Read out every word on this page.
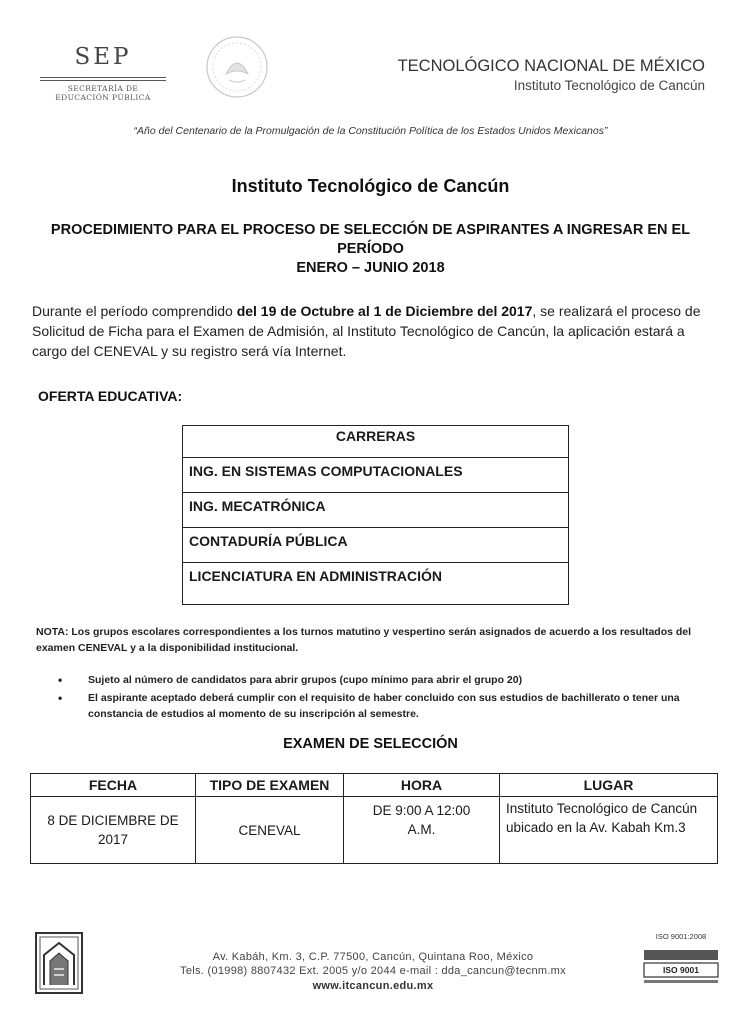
SEP
SECRETARÍA DE
EDUCACIÓN PÚBLICA
TECNOLÓGICO NACIONAL DE MÉXICO
Instituto Tecnológico de Cancún
“Año del Centenario de la Promulgación de la Constitución Política de los Estados Unidos Mexicanos”
Instituto Tecnológico de Cancún
PROCEDIMIENTO PARA EL PROCESO DE SELECCIÓN DE ASPIRANTES A INGRESAR EN EL
PERÍODO
ENERO – JUNIO 2018
Durante el período comprendido del 19 de Octubre al 1 de Diciembre del 2017, se realizará el proceso de Solicitud de Ficha para el Examen de Admisión, al Instituto Tecnológico de Cancún, la aplicación estará a cargo del CENEVAL y su registro será vía Internet.
OFERTA EDUCATIVA:
CARRERAS
ING. EN SISTEMAS COMPUTACIONALES
ING. MECATRÓNICA
CONTADURÍA PÚBLICA
LICENCIATURA EN ADMINISTRACIÓN
NOTA: Los grupos escolares correspondientes a los turnos matutino y vespertino serán asignados de acuerdo a los resultados del examen CENEVAL y a la disponibilidad institucional.
• Sujeto al número de candidatos para abrir grupos (cupo mínimo para abrir el grupo 20)
• El aspirante aceptado deberá cumplir con el requisito de haber concluido con sus estudios de bachillerato o tener una constancia de estudios al momento de su inscripción al semestre.
EXAMEN DE SELECCIÓN
FECHA	TIPO DE EXAMEN	HORA	LUGAR
8 DE DICIEMBRE DE 2017	CENEVAL	DE 9:00 A 12:00 A.M.	Instituto Tecnológico de Cancún ubicado en la Av. Kabah Km.3
Av. Kabáh, Km. 3, C.P. 77500, Cancún, Quintana Roo, México
Tels. (01998) 8807432 Ext. 2005 y/o 2044 e-mail : dda_cancun@tecnm.mx
www.itcancun.edu.mx
ISO 9001:2008
ISO 9001
